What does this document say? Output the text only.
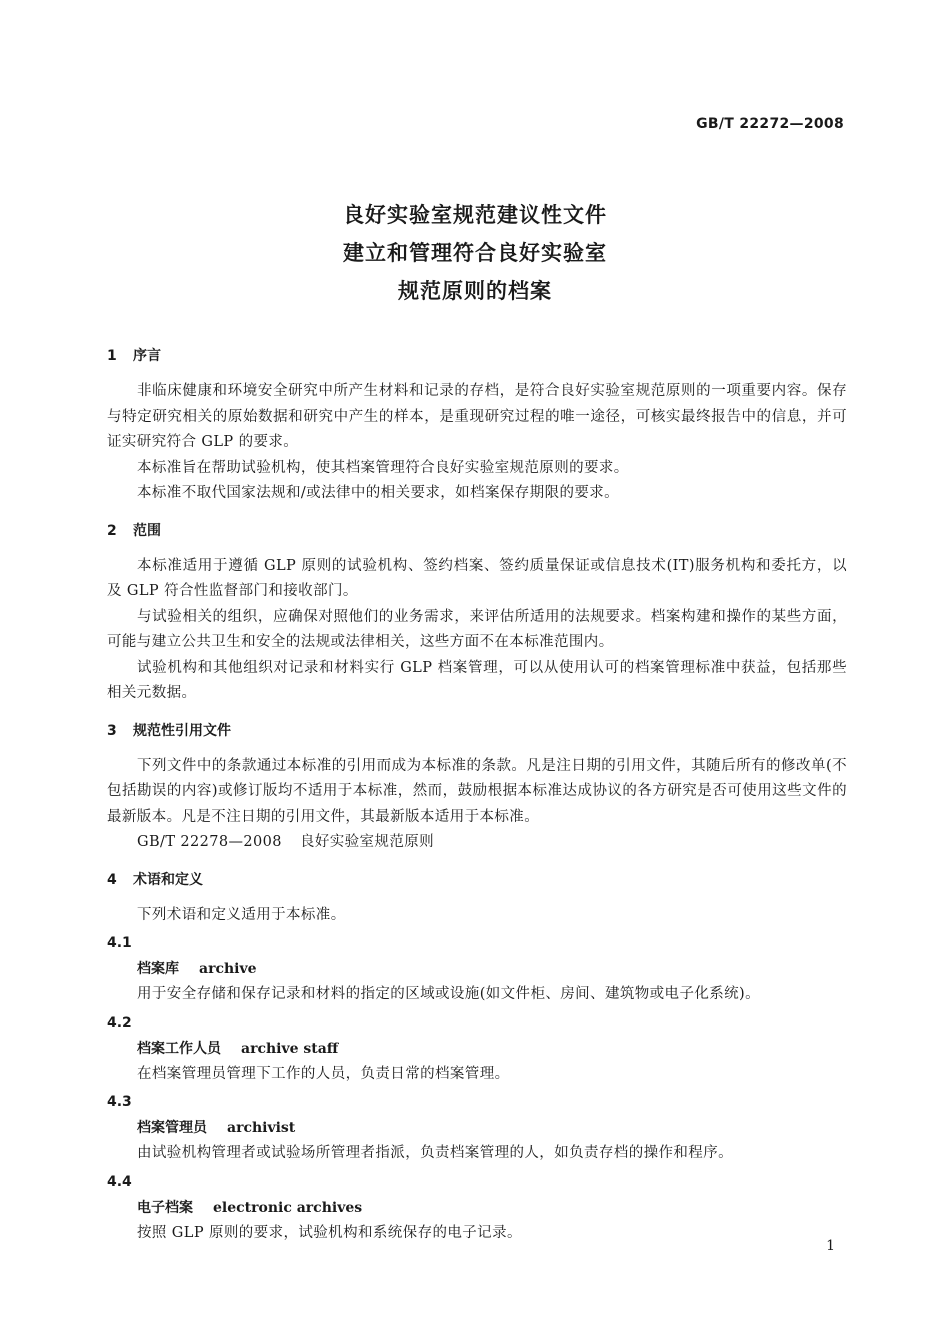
GB/T 22272—2008
良好实验室规范建议性文件
建立和管理符合良好实验室
规范原则的档案
1 序言
非临床健康和环境安全研究中所产生材料和记录的存档，是符合良好实验室规范原则的一项重要内容。保存与特定研究相关的原始数据和研究中产生的样本，是重现研究过程的唯一途径，可核实最终报告中的信息，并可证实研究符合 GLP 的要求。
本标准旨在帮助试验机构，使其档案管理符合良好实验室规范原则的要求。
本标准不取代国家法规和/或法律中的相关要求，如档案保存期限的要求。
2 范围
本标准适用于遵循 GLP 原则的试验机构、签约档案、签约质量保证或信息技术(IT)服务机构和委托方，以及 GLP 符合性监督部门和接收部门。
与试验相关的组织，应确保对照他们的业务需求，来评估所适用的法规要求。档案构建和操作的某些方面，可能与建立公共卫生和安全的法规或法律相关，这些方面不在本标准范围内。
试验机构和其他组织对记录和材料实行 GLP 档案管理，可以从使用认可的档案管理标准中获益，包括那些相关元数据。
3 规范性引用文件
下列文件中的条款通过本标准的引用而成为本标准的条款。凡是注日期的引用文件，其随后所有的修改单(不包括勘误的内容)或修订版均不适用于本标准，然而，鼓励根据本标准达成协议的各方研究是否可使用这些文件的最新版本。凡是不注日期的引用文件，其最新版本适用于本标准。
GB/T 22278—2008 良好实验室规范原则
4 术语和定义
下列术语和定义适用于本标准。
4.1
档案库 archive
用于安全存储和保存记录和材料的指定的区域或设施(如文件柜、房间、建筑物或电子化系统)。
4.2
档案工作人员 archive staff
在档案管理员管理下工作的人员，负责日常的档案管理。
4.3
档案管理员 archivist
由试验机构管理者或试验场所管理者指派，负责档案管理的人，如负责存档的操作和程序。
4.4
电子档案 electronic archives
按照 GLP 原则的要求，试验机构和系统保存的电子记录。
1
